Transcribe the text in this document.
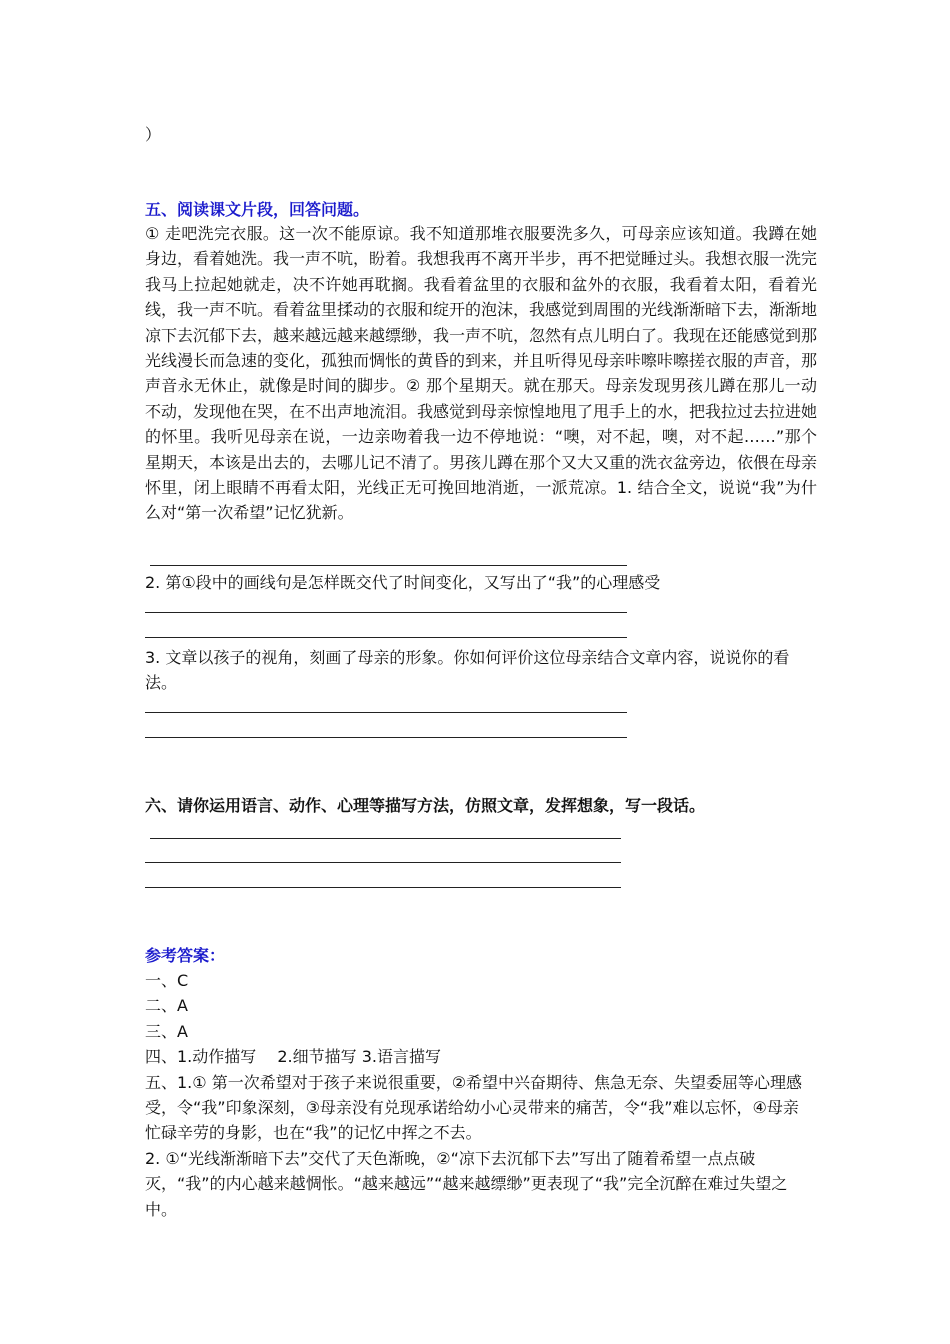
）
五、阅读课文片段，回答问题。

① 走吧洗完衣服。这一次不能原谅。我不知道那堆衣服要洗多久，可母亲应该知道。我蹲在她身边，看着她洗。我一声不吭，盼着。我想我再不离开半步，再不把觉睡过头。我想衣服一洗完我马上拉起她就走，决不许她再耽搁。我看着盆里的衣服和盆外的衣服，我看着太阳，看着光线，我一声不吭。看着盆里揉动的衣服和绽开的泡沫，我感觉到周围的光线渐渐暗下去，渐渐地凉下去沉郁下去，越来越远越来越缥缈，我一声不吭，忽然有点儿明白了。我现在还能感觉到那光线漫长而急速的变化，孤独而惆怅的黄昏的到来，并且听得见母亲咔嚓咔嚓搓衣服的声音，那声音永无休止，就像是时间的脚步。② 那个星期天。就在那天。母亲发现男孩儿蹲在那儿一动不动，发现他在哭，在不出声地流泪。我感觉到母亲惊惶地甩了甩手上的水，把我拉过去拉进她的怀里。我听见母亲在说，一边亲吻着我一边不停地说：“噢，对不起，噢，对不起……”那个星期天，本该是出去的，去哪儿记不清了。男孩儿蹲在那个又大又重的洗衣盆旁边，依偎在母亲怀里，闭上眼睛不再看太阳，光线正无可挽回地消逝，一派荒凉。1. 结合全文，说说“我”为什么对“第一次希望”记忆犹新。

2. 第①段中的画线句是怎样既交代了时间变化，又写出了“我”的心理感受
3. 文章以孩子的视角，刻画了母亲的形象。你如何评价这位母亲结合文章内容，说说你的看法。
六、请你运用语言、动作、心理等描写方法，仿照文章，发挥想象，写一段话。
参考答案：

一、C

二、A

三、A

四、1.动作描写　 2.细节描写 3.语言描写

五、1.① 第一次希望对于孩子来说很重要，②希望中兴奋期待、焦急无奈、失望委屈等心理感受，令“我”印象深刻，③母亲没有兑现承诺给幼小心灵带来的痛苦，令“我”难以忘怀，④母亲忙碌辛劳的身影，也在“我”的记忆中挥之不去。

2. ①“光线渐渐暗下去”交代了天色渐晚，②“凉下去沉郁下去”写出了随着希望一点点破灭，“我”的内心越来越惆怅。“越来越远”“越来越缥缈”更表现了“我”完全沉醉在难过失望之中。
